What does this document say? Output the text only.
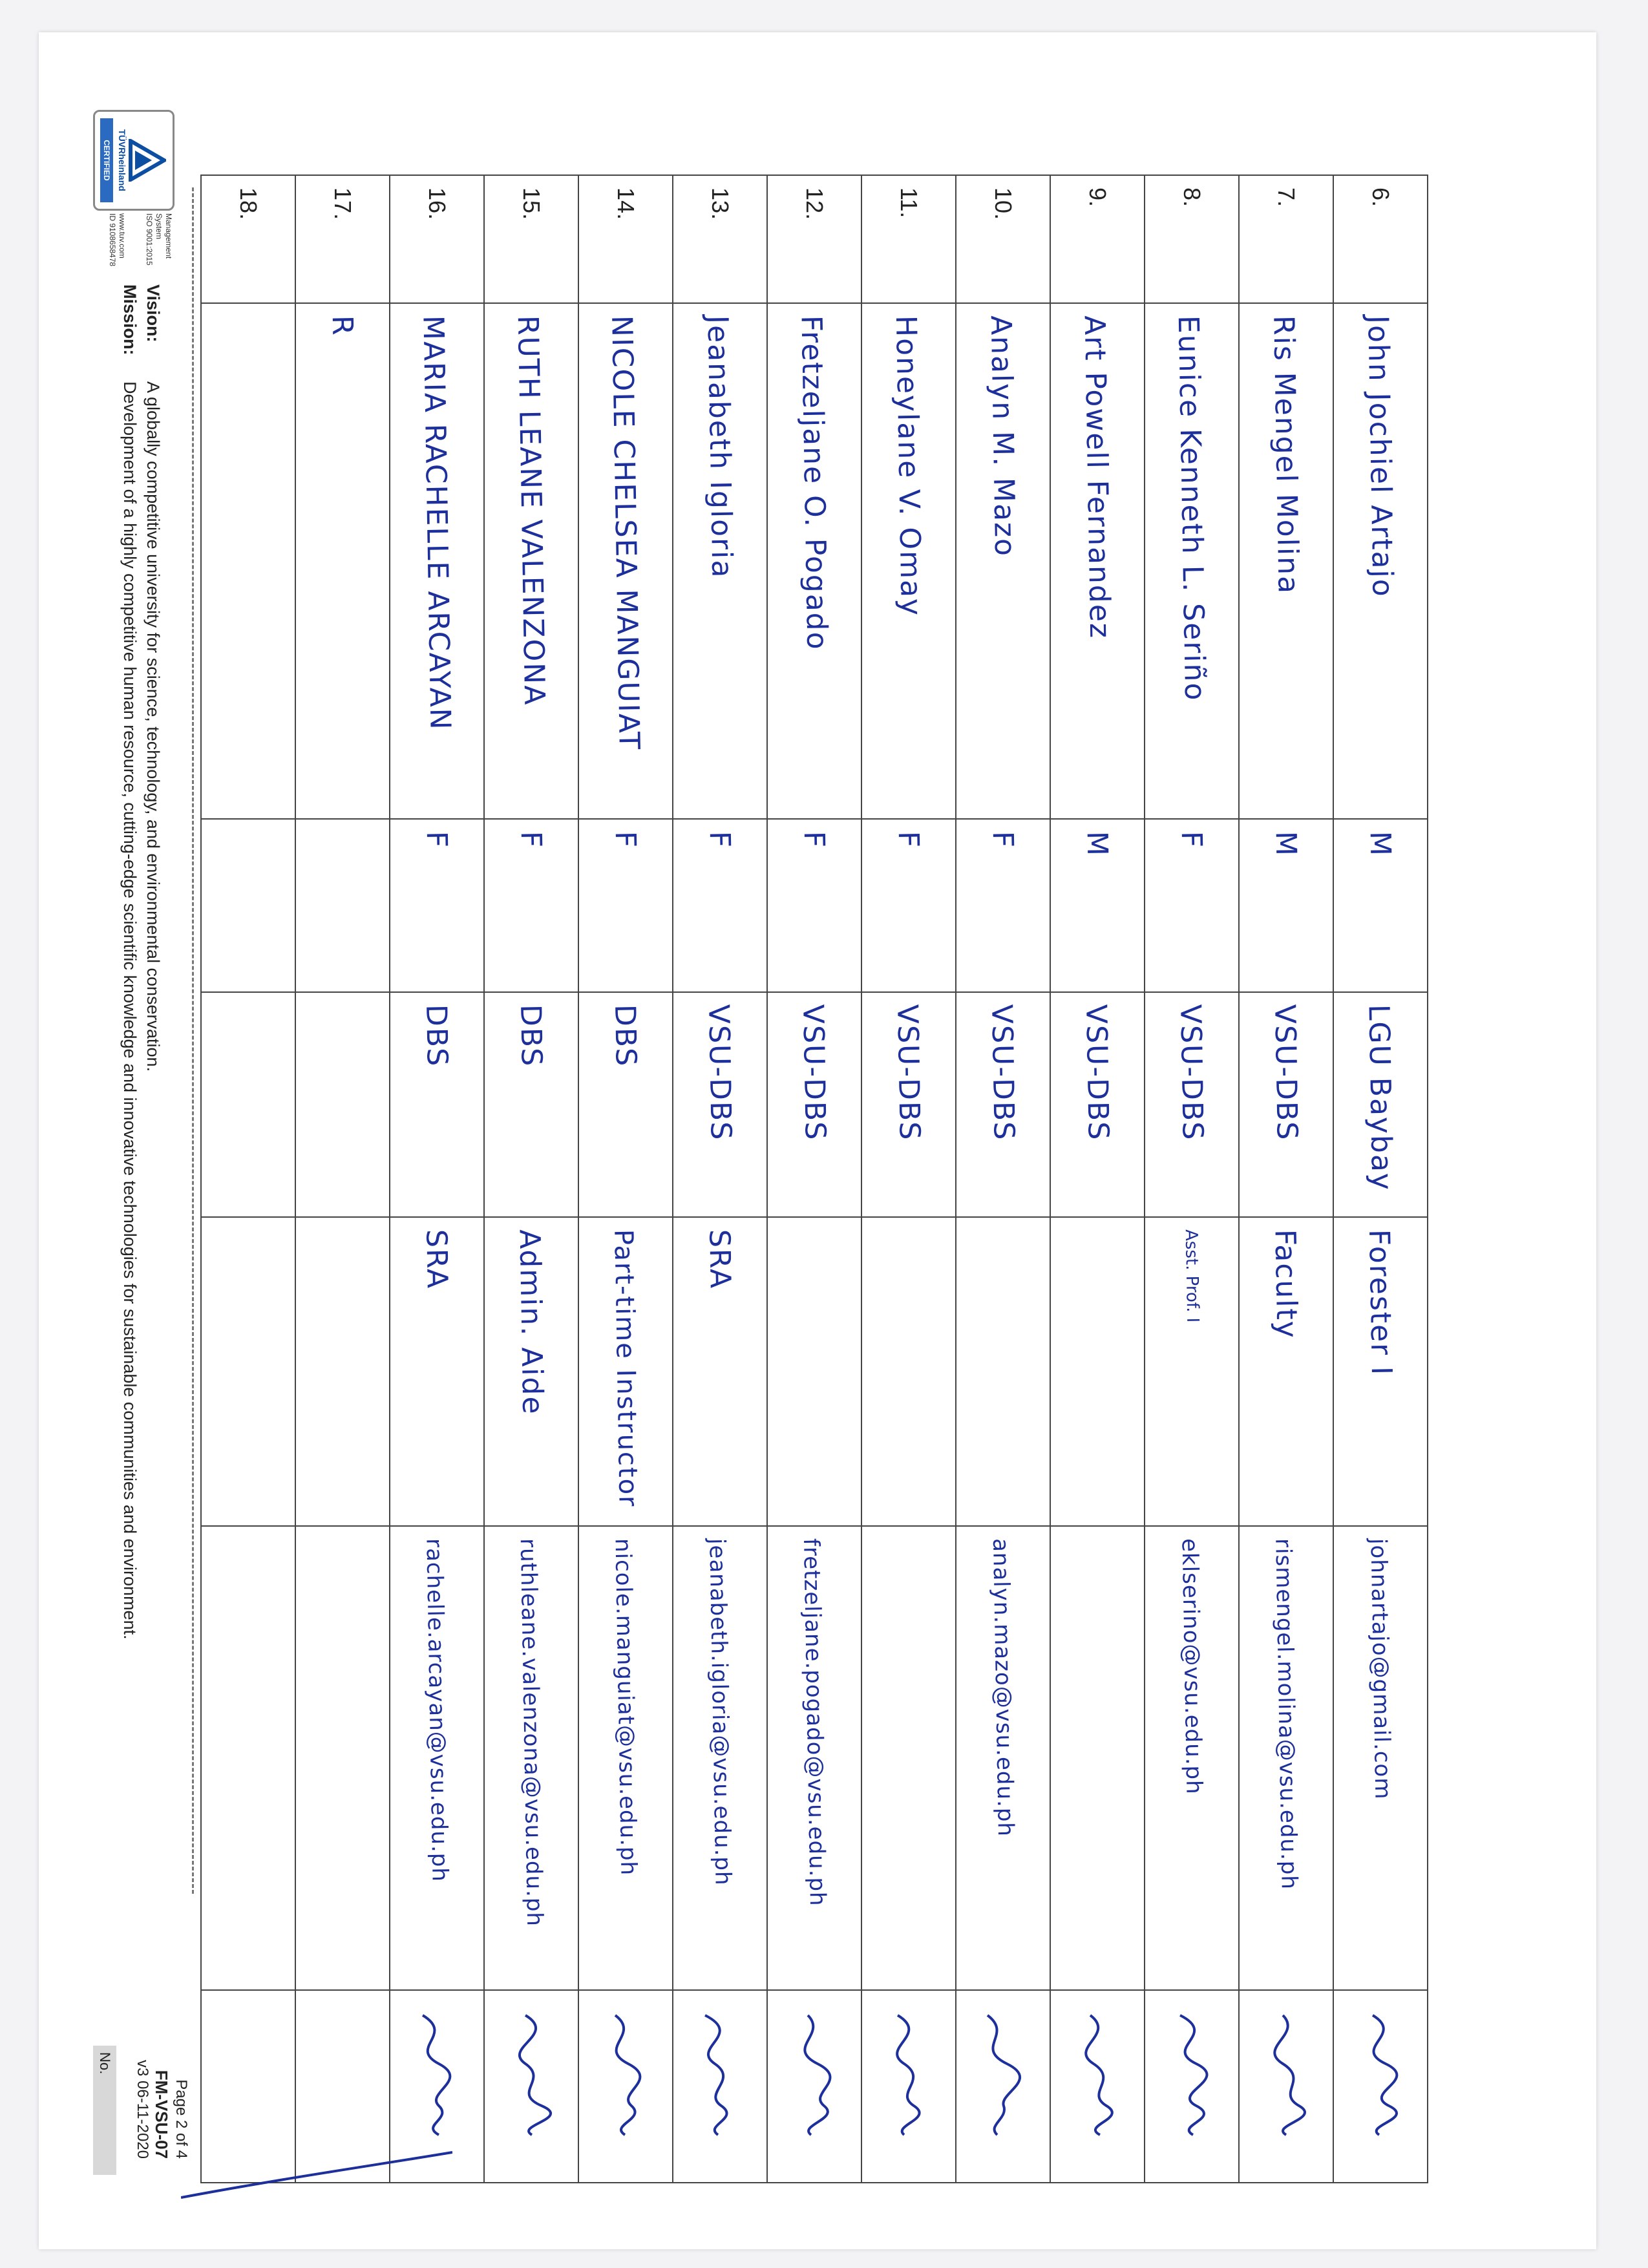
6.	John Jochiel Artajo	M	LGU Baybay	Forester I	johnartajo@gmail.com	

7.	Ris Mengel Molina	M	VSU-DBS	Faculty	rismengel.molina@vsu.edu.ph	

8.	Eunice Kenneth L. Seriño	F	VSU-DBS	Asst. Prof. I	eklserino@vsu.edu.ph	

9.	Art Powell Fernandez	M	VSU-DBS			

10.	Analyn M. Mazo	F	VSU-DBS		analyn.mazo@vsu.edu.ph	

11.	Honeylane V. Omay	F	VSU-DBS			

12.	Fretzeljane O. Pogado	F	VSU-DBS		fretzeljane.pogado@vsu.edu.ph	

13.	Jeanabeth Igloria	F	VSU-DBS	SRA	jeanabeth.igloria@vsu.edu.ph	

14.	NICOLE CHELSEA MANGUIAT	F	DBS	Part-time Instructor	nicole.manguiat@vsu.edu.ph	

15.	RUTH LEANE VALENZONA	F	DBS	Admin. Aide	ruthleane.valenzona@vsu.edu.ph	

16.	MARIA RACHELLE ARCAYAN	F	DBS	SRA	rachelle.arcayan@vsu.edu.ph	

17.	R					
18.						
TÜVRheinland
CERTIFIED
Management
System
ISO 9001:2015
www.tuv.com
ID 9108658478
Vision:A globally competitive university for science, technology, and environmental conservation.
Mission:Development of a highly competitive human resource, cutting-edge scientific knowledge and innovative technologies for sustainable communities and environment.
Page 2 of 4
FM-VSU-07
v3 06-11-2020
No.
